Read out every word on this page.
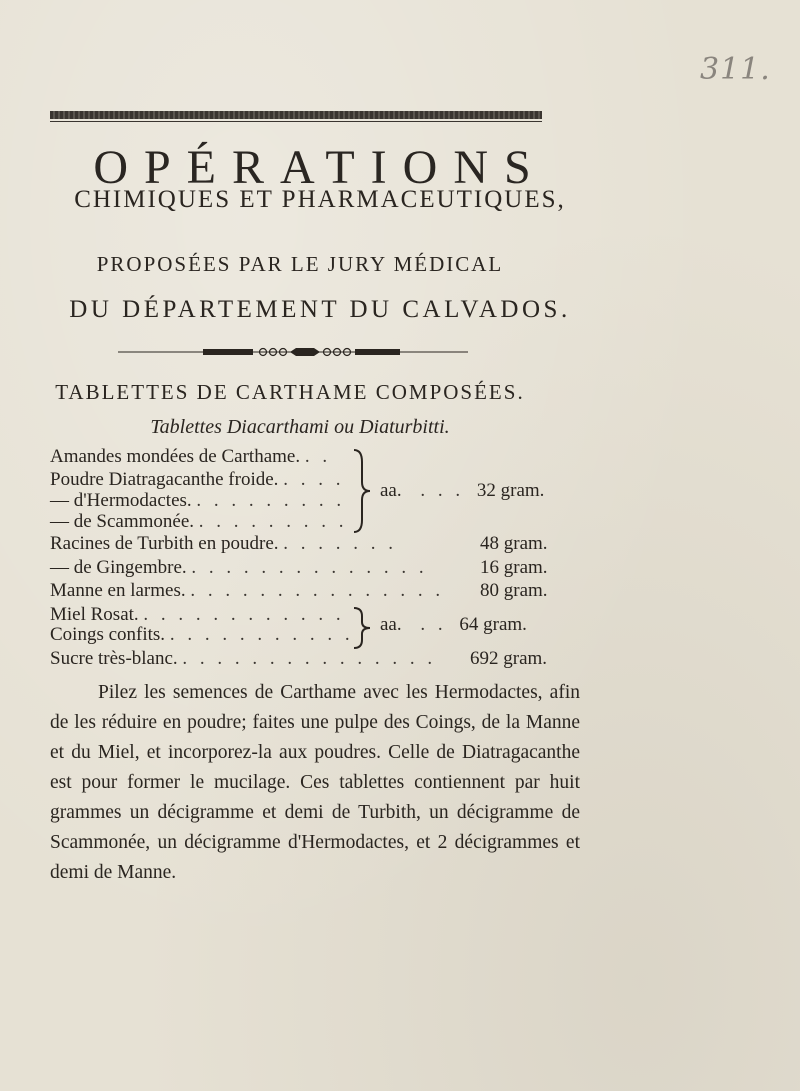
311.
OPÉRATIONS
CHIMIQUES ET PHARMACEUTIQUES,
PROPOSÉES PAR LE JURY MÉDICAL
DU DÉPARTEMENT DU CALVADOS.
TABLETTES DE CARTHAME COMPOSÉES.
Tablettes Diacarthami ou Diaturbitti.
Amandes mondées de Carthame. . .
Poudre Diatragacanthe froide. . . . .
— d'Hermodactes. . . . . . . . . .
— de Scammonée. . . . . . . . . .
aa. . . . 32 gram.
Racines de Turbith en poudre. . . . . . . .	48 gram.
— de Gingembre. . . . . . . . . . . . . . .	16 gram.
Manne en larmes. . . . . . . . . . . . . . . . 80 gram.
Miel Rosat. . . . . . . . . . . . .
Coings confits. . . . . . . . . . . . aa. . . 64 gram.
Sucre très-blanc. . . . . . . . . . . . . . . . 692 gram.
Pilez les semences de Carthame avec les Hermodactes, afin de les réduire en poudre; faites une pulpe des Coings, de la Manne et du Miel, et incorporez-la aux poudres. Celle de Diatragacanthe est pour former le mucilage. Ces tablettes contiennent par huit grammes un décigramme et demi de Turbith, un décigramme de Scammonée, un décigramme d'Hermodactes, et 2 décigrammes et demi de Manne.
